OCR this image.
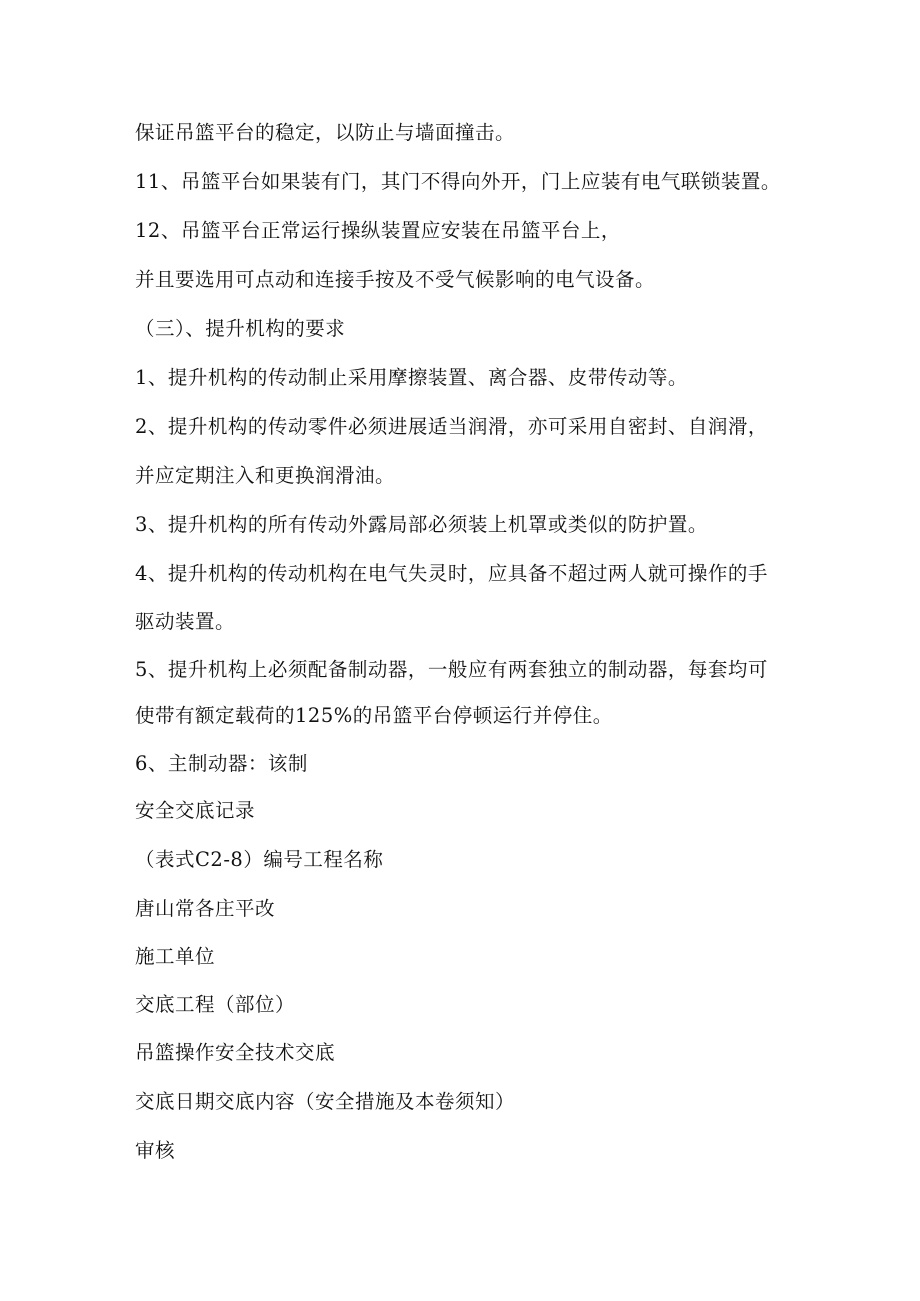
保证吊篮平台的稳定，以防止与墙面撞击。
11、吊篮平台如果装有门，其门不得向外开，门上应装有电气联锁装置。
12、吊篮平台正常运行操纵装置应安装在吊篮平台上，
并且要选用可点动和连接手按及不受气候影响的电气设备。
（三）、提升机构的要求
1、提升机构的传动制止采用摩擦装置、离合器、皮带传动等。
2、提升机构的传动零件必须进展适当润滑，亦可采用自密封、自润滑，
并应定期注入和更换润滑油。
3、提升机构的所有传动外露局部必须装上机罩或类似的防护置。
4、提升机构的传动机构在电气失灵时，应具备不超过两人就可操作的手
驱动装置。
5、提升机构上必须配备制动器，一般应有两套独立的制动器，每套均可
使带有额定载荷的125%的吊篮平台停顿运行并停住。
6、主制动器：该制
安全交底记录
（表式C2-8）编号工程名称
唐山常各庄平改
施工单位
交底工程（部位）
吊篮操作安全技术交底
交底日期交底内容（安全措施及本卷须知）
审核
